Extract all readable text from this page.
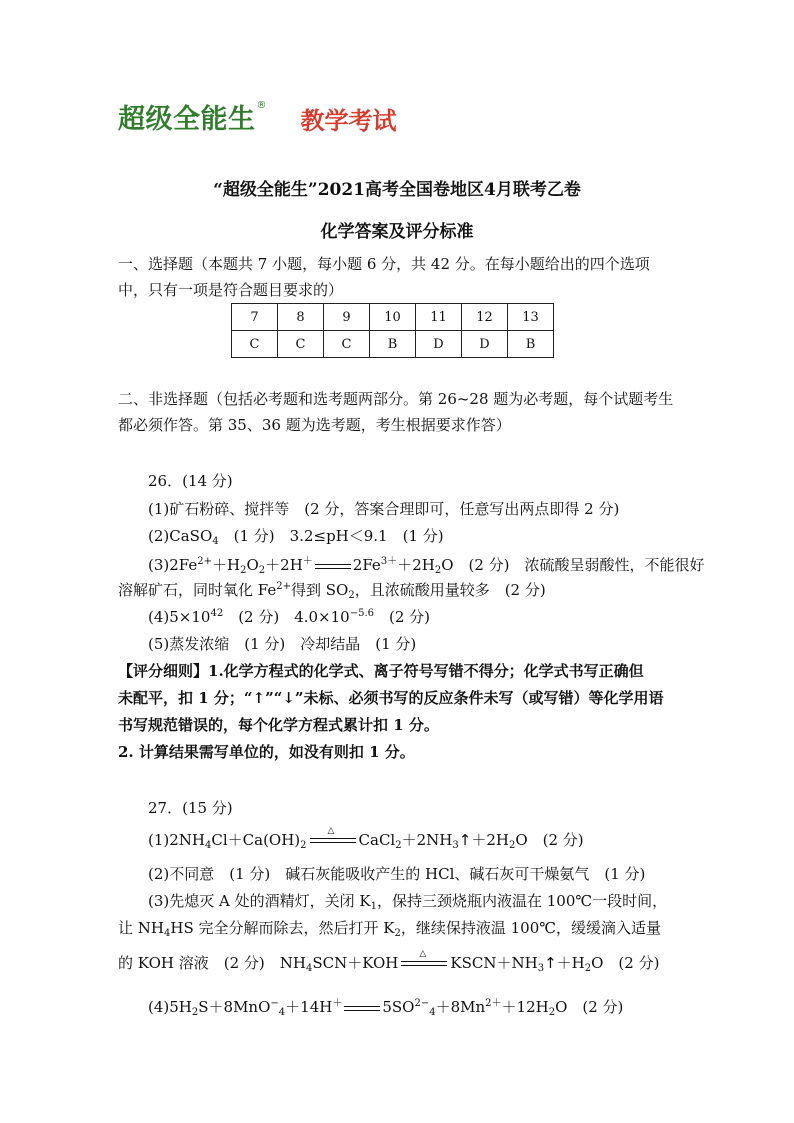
超级全能生 ®
教学考试
“超级全能生”2021高考全国卷地区4月联考乙卷
化学答案及评分标准
一、选择题（本题共 7 小题，每小题 6 分，共 42 分。在每小题给出的四个选项中，只有一项是符合题目要求的）
7	8	9	10	11	12	13
C	C	C	B	D	D	B
二、非选择题（包括必考题和选考题两部分。第 26~28 题为必考题，每个试题考生都必须作答。第 35、36 题为选考题，考生根据要求作答）
26．(14 分)
(1)矿石粉碎、搅拌等　(2 分，答案合理即可，任意写出两点即得 2 分)
(2)CaSO$_4$　(1 分)　3.2≤pH＜9.1　(1 分)
$(3)2Fe^{2+}+H_2O_2+2H^+$	$2Fe^{3+}+2H_2O$　(2 分)　浓硫酸呈弱酸性，不能很好
溶解矿石，同时氧化 $Fe^{2+}$得到 $SO_2$，且浓硫酸用量较多　(2 分)
$(4)5\times 10^{42}$　(2 分)　$4.0\times 10^{-5.6}$　(2 分)
(5)蒸发浓缩　(1 分)　冷却结晶　(1 分)
【评分细则】1.化学方程式的化学式、离子符号写错不得分；化学式书写正确但
未配平，扣 1 分；“↑”“↓”未标、必须书写的反应条件未写（或写错）等化学用语
书写规范错误的，每个化学方程式累计扣 1 分。
2. 计算结果需写单位的，如没有则扣 1 分。
27．(15 分)
$(1)2NH_4Cl+Ca(OH)_2$ △	$CaCl_2+2NH_3↑+2H_2O$　(2 分)
(2)不同意　(1 分)　碱石灰能吸收产生的 HCl、碱石灰可干燥氨气　(1 分)
(3)先熄灭 A 处的酒精灯，关闭 $K_1$，保持三颈烧瓶内液温在 100℃一段时间，
让 $NH_4HS$ 完全分解而除去，然后打开 $K_2$，继续保持液温 100℃，缓缓滴入适量
的 KOH 溶液　(2 分)　$NH_4SCN+KOH$ △	$KSCN+NH_3↑+H_2O$　(2 分)
$(4)5H_2S+8MnO^-_4+14H^+$	$5SO^{2-}_4+8Mn^{2+}+12H_2O$　(2 分)
